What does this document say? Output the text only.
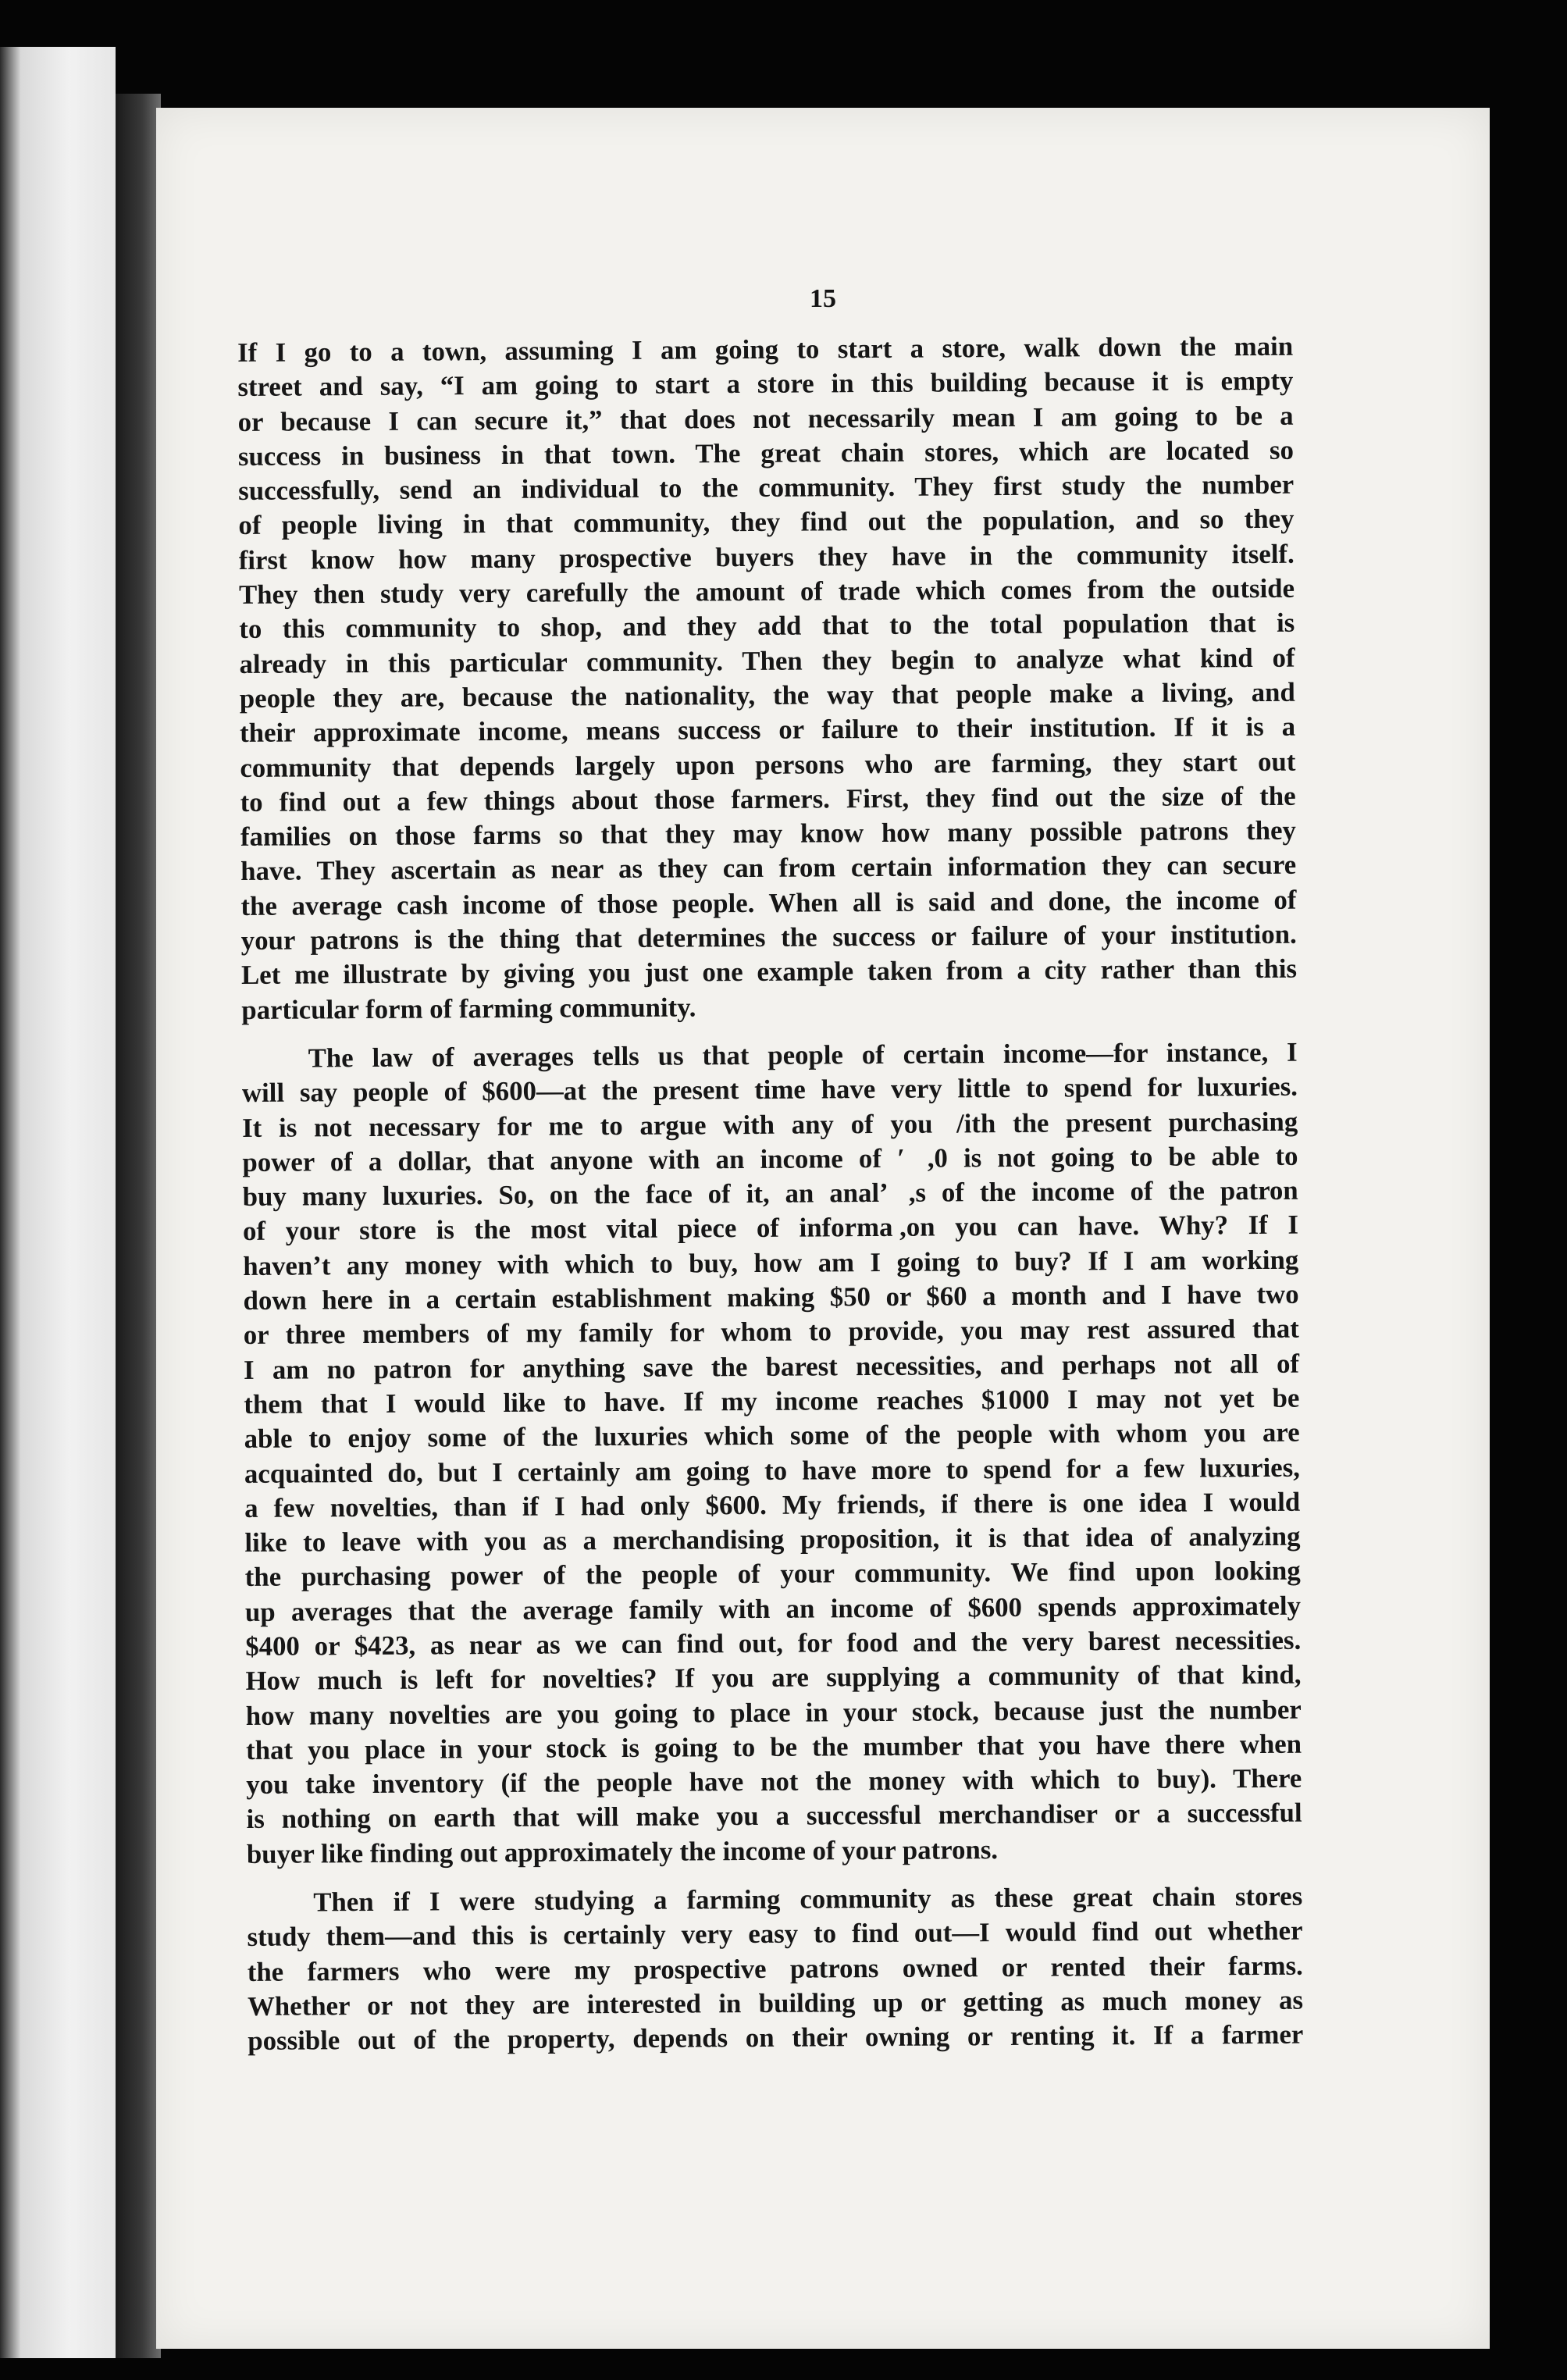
15

If I go to a town, assuming I am going to start a store, walk down the main

street and say, “I am going to start a store in this building because it is empty

or because I can secure it,” that does not necessarily mean I am going to be a

success in business in that town. The great chain stores, which are located so

successfully, send an individual to the community. They first study the number

of people living in that community, they find out the population, and so they

first know how many prospective buyers they have in the community itself.

They then study very carefully the amount of trade which comes from the outside

to this community to shop, and they add that to the total population that is

already in this particular community. Then they begin to analyze what kind of

people they are, because the nationality, the way that people make a living, and

their approximate income, means success or failure to their institution. If it is a

community that depends largely upon persons who are farming, they start out

to find out a few things about those farmers. First, they find out the size of the

families on those farms so that they may know how many possible patrons they

have. They ascertain as near as they can from certain information they can secure

the average cash income of those people. When all is said and done, the income of

your patrons is the thing that determines the success or failure of your institution.

Let me illustrate by giving you just one example taken from a city rather than this

particular form of farming community.

The law of averages tells us that people of certain income—for instance, I

will say people of $600—at the present time have very little to spend for luxuries.

It is not necessary for me to argue with any of you  /ith the present purchasing

power of a dollar, that anyone with an income of ′  ,0 is not going to be able to

buy many luxuries. So, on the face of it, an anal’  ,s of the income of the patron

of your store is the most vital piece of informa ,on you can have. Why? If I

haven’t any money with which to buy, how am I going to buy? If I am working

down here in a certain establishment making $50 or $60 a month and I have two

or three members of my family for whom to provide, you may rest assured that

I am no patron for anything save the barest necessities, and perhaps not all of

them that I would like to have. If my income reaches $1000 I may not yet be

able to enjoy some of the luxuries which some of the people with whom you are

acquainted do, but I certainly am going to have more to spend for a few luxuries,

a few novelties, than if I had only $600. My friends, if there is one idea I would

like to leave with you as a merchandising proposition, it is that idea of analyzing

the purchasing power of the people of your community. We find upon looking

up averages that the average family with an income of $600 spends approximately

$400 or $423, as near as we can find out, for food and the very barest necessities.

How much is left for novelties? If you are supplying a community of that kind,

how many novelties are you going to place in your stock, because just the number

that you place in your stock is going to be the mumber that you have there when

you take inventory (if the people have not the money with which to buy). There

is nothing on earth that will make you a successful merchandiser or a successful

buyer like finding out approximately the income of your patrons.

Then if I were studying a farming community as these great chain stores

study them—and this is certainly very easy to find out—I would find out whether

the farmers who were my prospective patrons owned or rented their farms.

Whether or not they are interested in building up or getting as much money as

possible out of the property, depends on their owning or renting it. If a farmer
